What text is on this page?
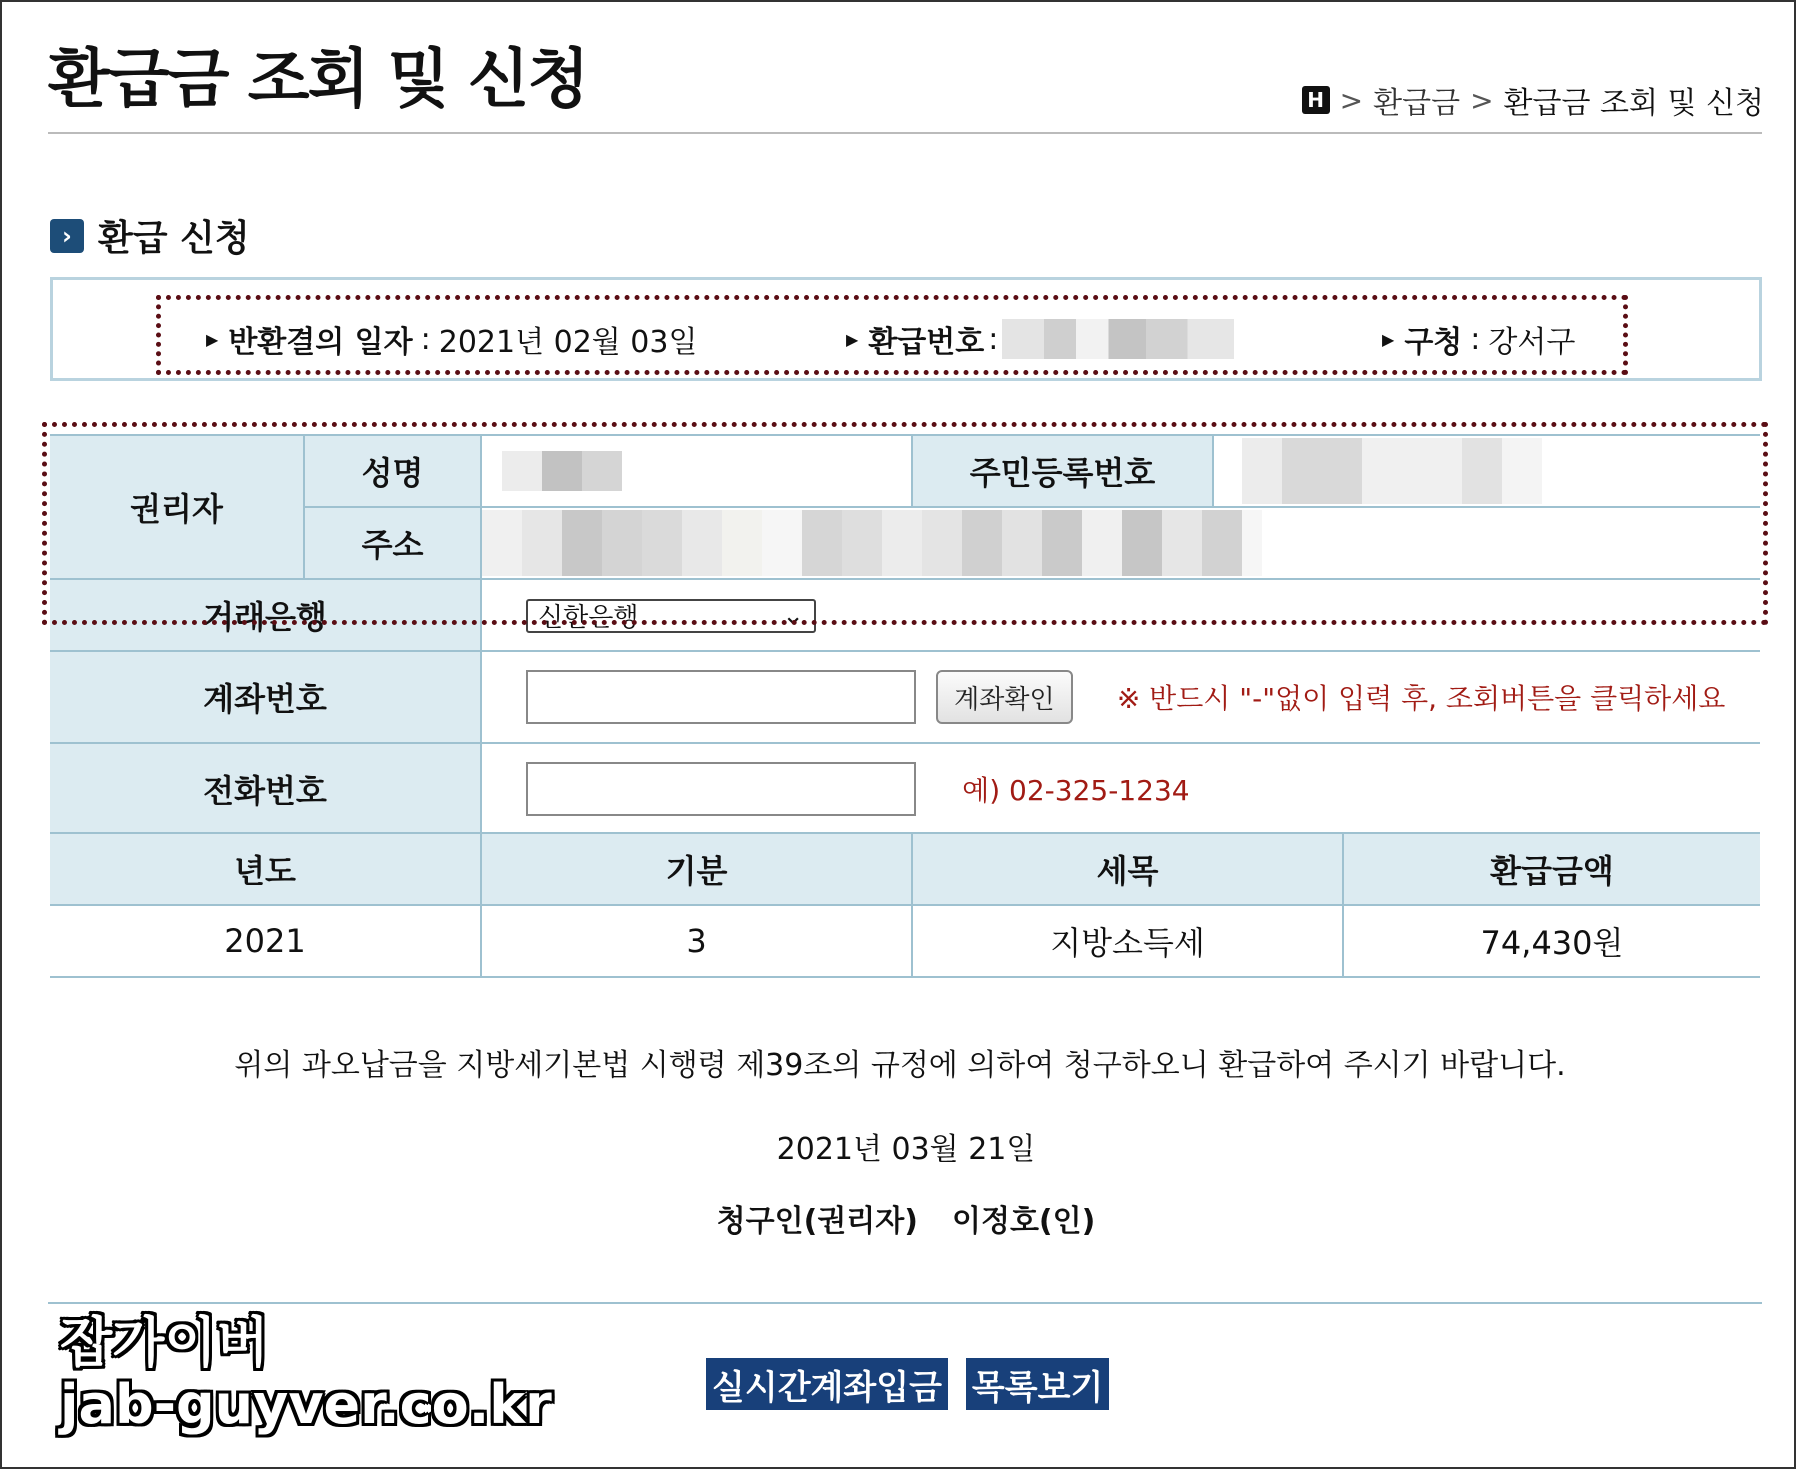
환급금 조회 및 신청	H > 환급금 > 환급금 조회 및 신청
› 환급 신청
▶ 반환결의 일자 : 2021년 02월 03일	▶ 환급번호 :	▶ 구청 : 강서구
권리자	성명		주민등록번호	

	주소			

거래은행		신한은행 ⌄		

계좌번호		계좌확인 ※ 반드시 "-"없이 입력 후, 조회버튼을 클릭하세요		
전화번호		예) 02-325-1234		
년도	기분	세목	환급금액
2021	3	지방소득세	74,430원
위의 과오납금을 지방세기본법 시행령 제39조의 규정에 의하여 청구하오니 환급하여 주시기 바랍니다.
2021년 03월 21일
청구인(권리자) 이정호(인)
실시간계좌입금 목록보기
잡가이버
jab-guyver.co.kr
